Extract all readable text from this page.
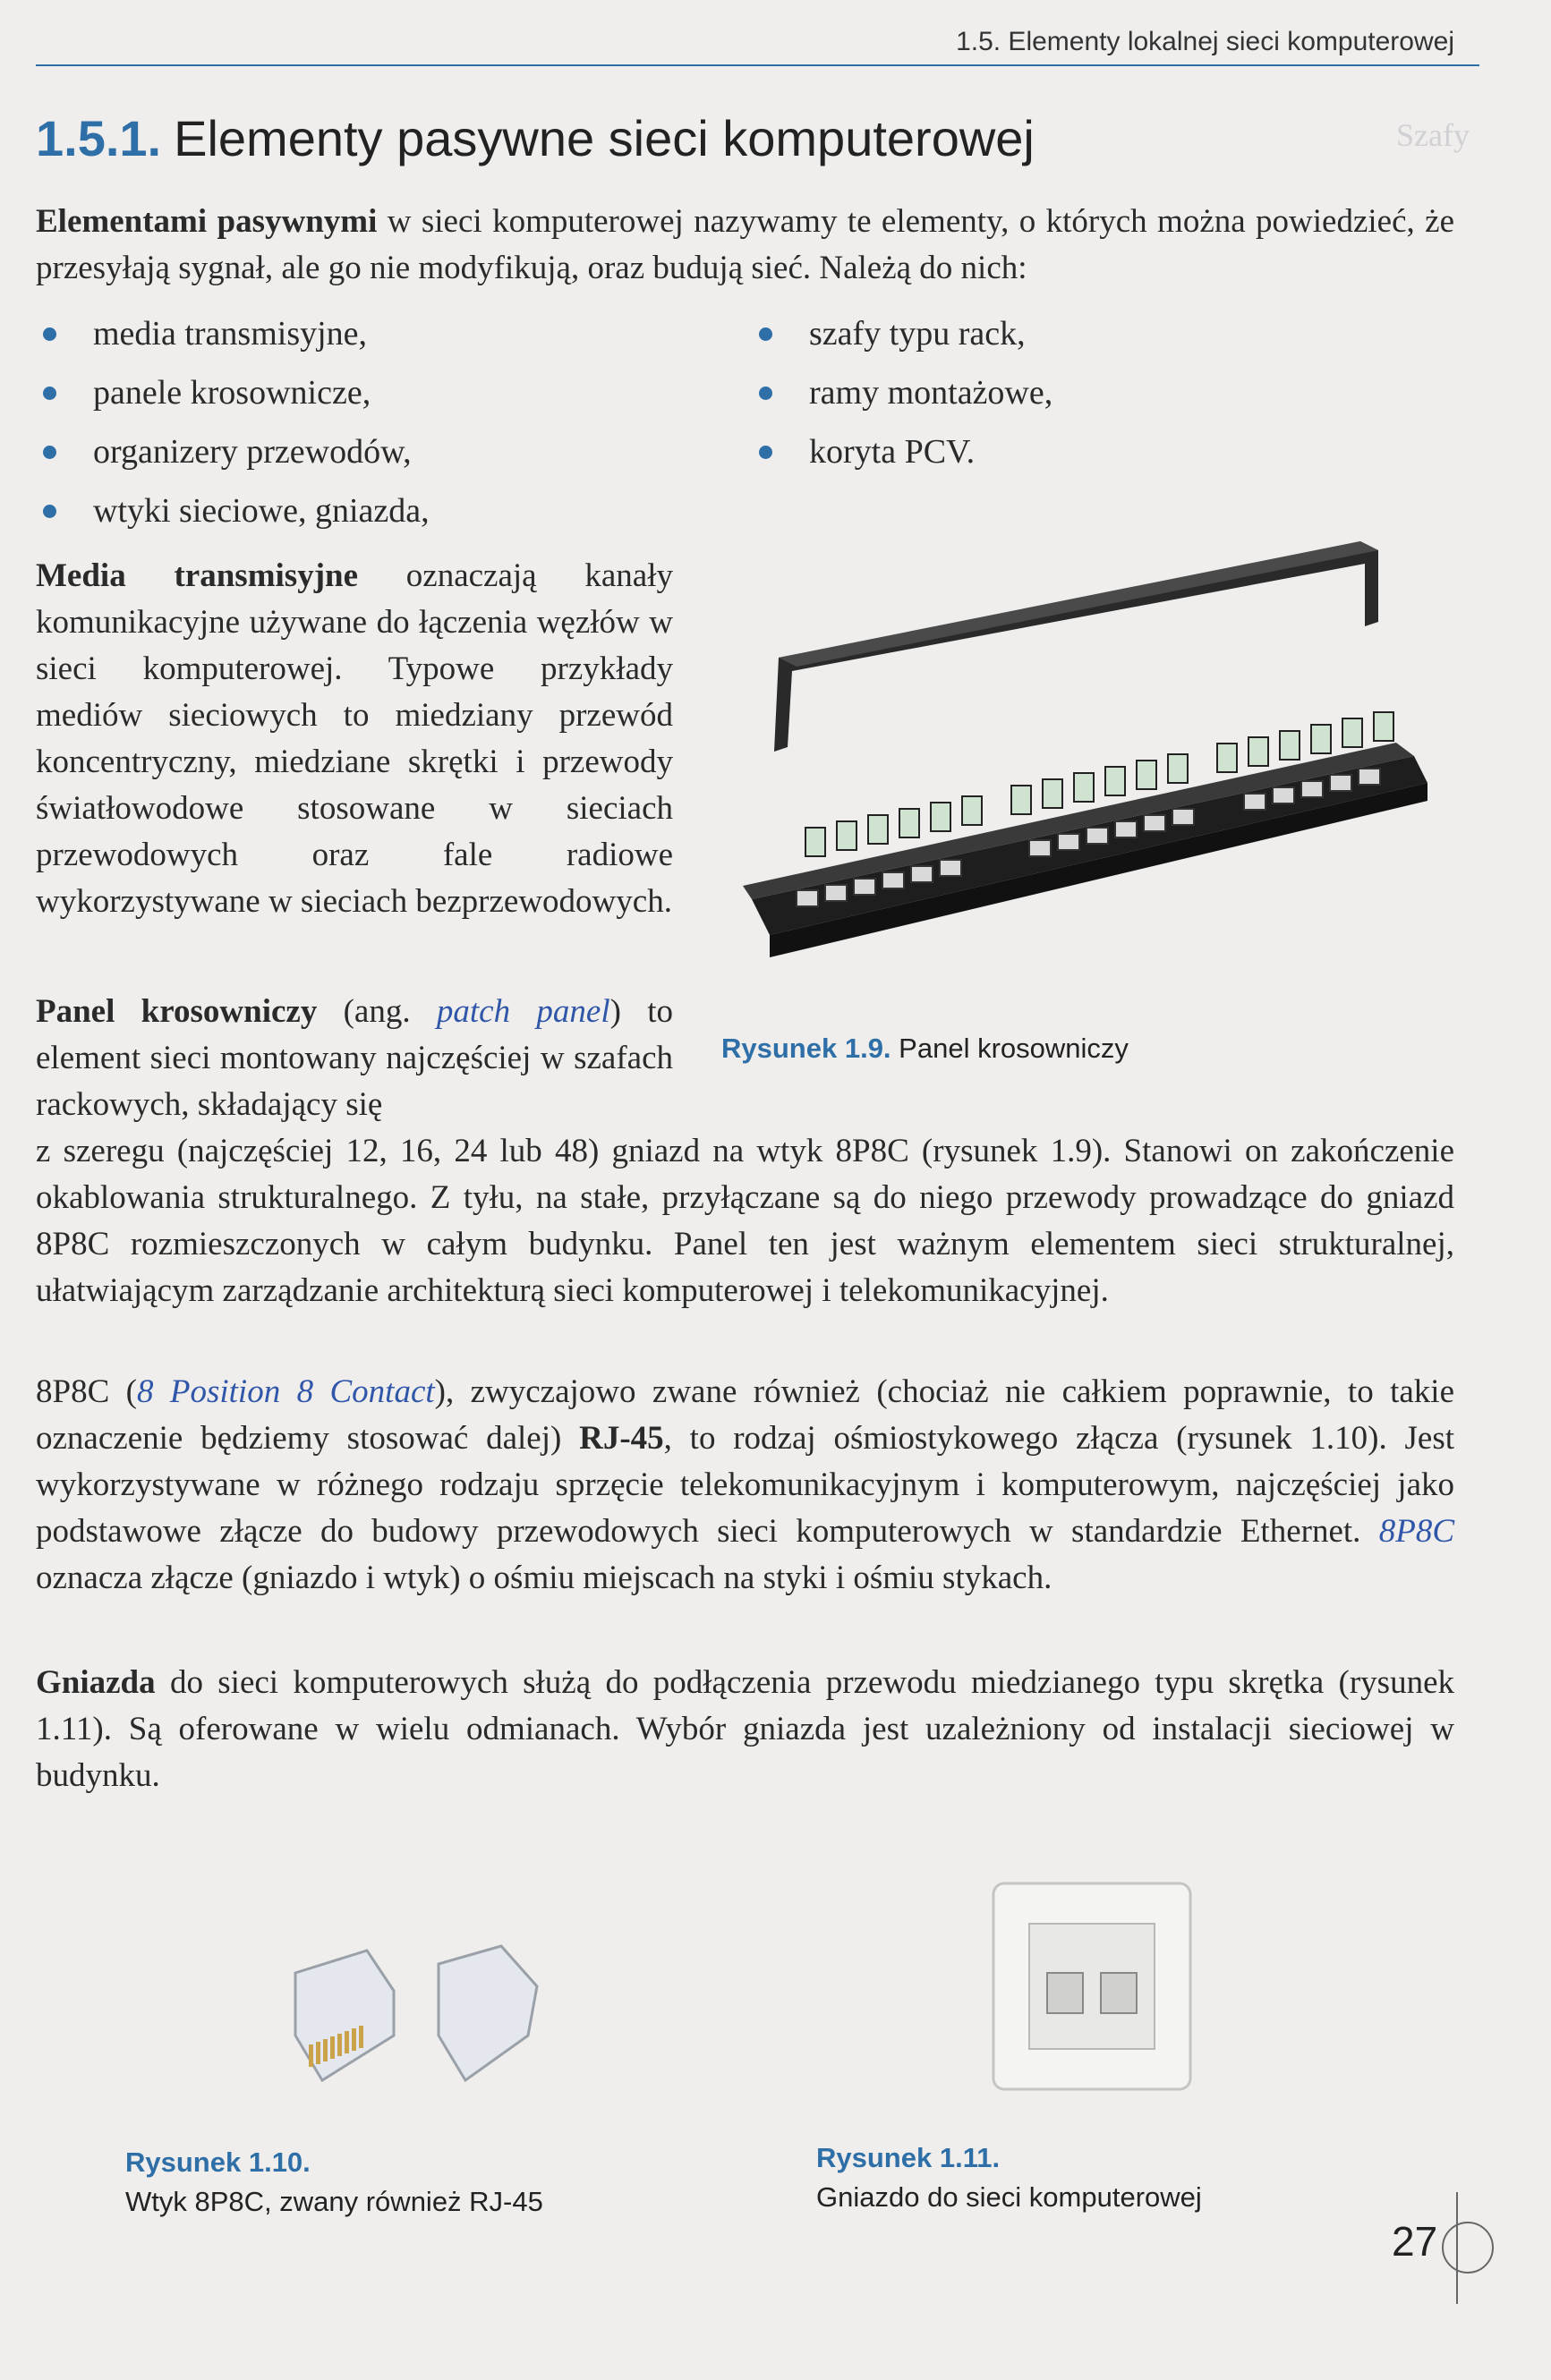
Szafy
1.5. Elementy lokalnej sieci komputerowej
1.5.1. Elementy pasywne sieci komputerowej
Elementami pasywnymi w sieci komputerowej nazywamy te elementy, o których można powiedzieć, że przesyłają sygnał, ale go nie modyfikują, oraz budują sieć. Należą do nich:
media transmisyjne,
panele krosownicze,
organizery przewodów,
wtyki sieciowe, gniazda,
szafy typu rack,
ramy montażowe,
koryta PCV.
Media transmisyjne oznaczają kanały komunikacyjne używane do łączenia węzłów w sieci komputerowej. Typowe przykłady mediów sieciowych to miedziany przewód koncentryczny, miedziane skrętki i przewody światłowodowe stosowane w sieciach przewodowych oraz fale radiowe wykorzystywane w sieciach bezprzewodowych.
Rysunek 1.9. Panel krosowniczy
Panel krosowniczy (ang. patch panel) to element sieci montowany najczęściej w szafach rackowych, składający się
z szeregu (najczęściej 12, 16, 24 lub 48) gniazd na wtyk 8P8C (rysunek 1.9). Stanowi on zakończenie okablowania strukturalnego. Z tyłu, na stałe, przyłączane są do niego przewody prowadzące do gniazd 8P8C rozmieszczonych w całym budynku. Panel ten jest ważnym elementem sieci strukturalnej, ułatwiającym zarządzanie architekturą sieci komputerowej i telekomunikacyjnej.
8P8C (8 Position 8 Contact), zwyczajowo zwane również (chociaż nie całkiem poprawnie, to takie oznaczenie będziemy stosować dalej) RJ-45, to rodzaj ośmiostykowego złącza (rysunek 1.10). Jest wykorzystywane w różnego rodzaju sprzęcie telekomunikacyjnym i komputerowym, najczęściej jako podstawowe złącze do budowy przewodowych sieci komputerowych w standardzie Ethernet. 8P8C oznacza złącze (gniazdo i wtyk) o ośmiu miejscach na styki i ośmiu stykach.
Gniazda do sieci komputerowych służą do podłączenia przewodu miedzianego typu skrętka (rysunek 1.11). Są oferowane w wielu odmianach. Wybór gniazda jest uzależniony od instalacji sieciowej w budynku.
Rysunek 1.10.
Wtyk 8P8C, zwany również RJ-45
Rysunek 1.11.
Gniazdo do sieci komputerowej
27
